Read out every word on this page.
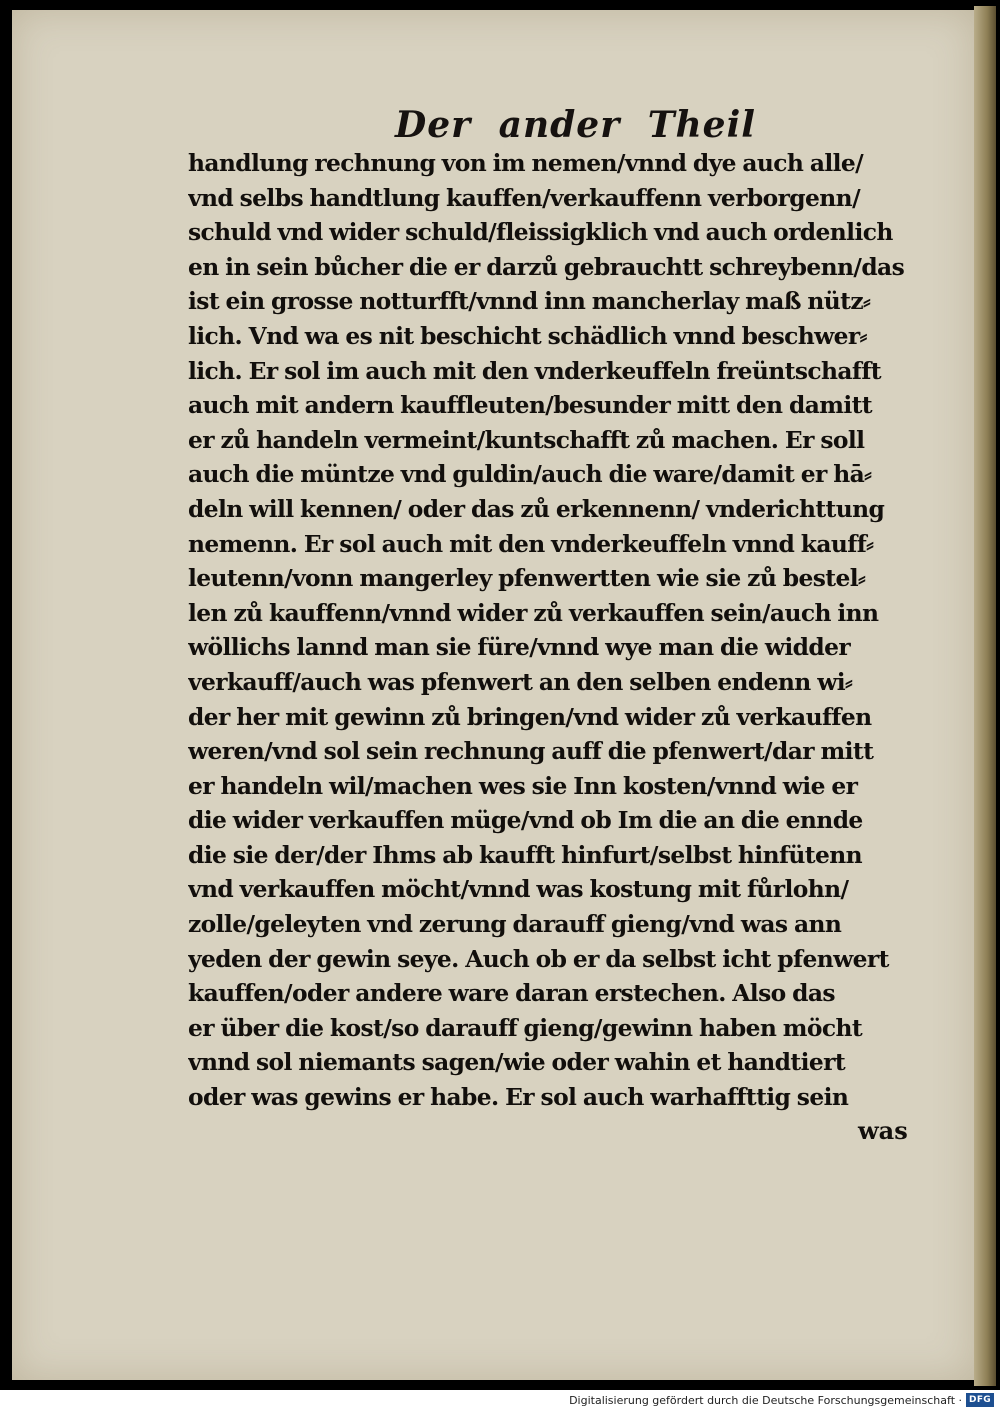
Der ander Theil
handlung rechnung von im nemen/vnnd dye auch alle/
vnd selbs handtlung kauffen/verkauffenn verborgenn/
schuld vnd wider schuld/fleissigklich vnd auch ordenlich
en in sein bůcher die er darzů gebrauchtt schreybenn/das
ist ein grosse notturfft/vnnd inn mancherlay maß nütz⸗
lich. Vnd wa es nit beschicht schädlich vnnd beschwer⸗
lich. Er sol im auch mit den vnderkeuffeln freüntschafft
auch mit andern kauffleuten/besunder mitt den damitt
er zů handeln vermeint/kuntschafft zů machen. Er soll
auch die müntze vnd guldin/auch die ware/damit er hā⸗
deln will kennen/ oder das zů erkennenn/ vnderichttung
nemenn. Er sol auch mit den vnderkeuffeln vnnd kauff⸗
leutenn/vonn mangerley pfenwertten wie sie zů bestel⸗
len zů kauffenn/vnnd wider zů verkauffen sein/auch inn
wöllichs lannd man sie füre/vnnd wye man die widder
verkauff/auch was pfenwert an den selben endenn wi⸗
der her mit gewinn zů bringen/vnd wider zů verkauffen
weren/vnd sol sein rechnung auff die pfenwert/dar mitt
er handeln wil/machen wes sie Inn kosten/vnnd wie er
die wider verkauffen müge/vnd ob Im die an die ennde
die sie der/der Ihms ab kaufft hinfurt/selbst hinfütenn
vnd verkauffen möcht/vnnd was kostung mit fůrlohn/
zolle/geleyten vnd zerung darauff gieng/vnd was ann
yeden der gewin seye. Auch ob er da selbst icht pfenwert
kauffen/oder andere ware daran erstechen. Also das
er über die kost/so darauff gieng/gewinn haben möcht
vnnd sol niemants sagen/wie oder wahin et handtiert
oder was gewins er habe. Er sol auch warhaffttig sein
was
Digitalisierung gefördert durch die Deutsche Forschungsgemeinschaft · DFG
